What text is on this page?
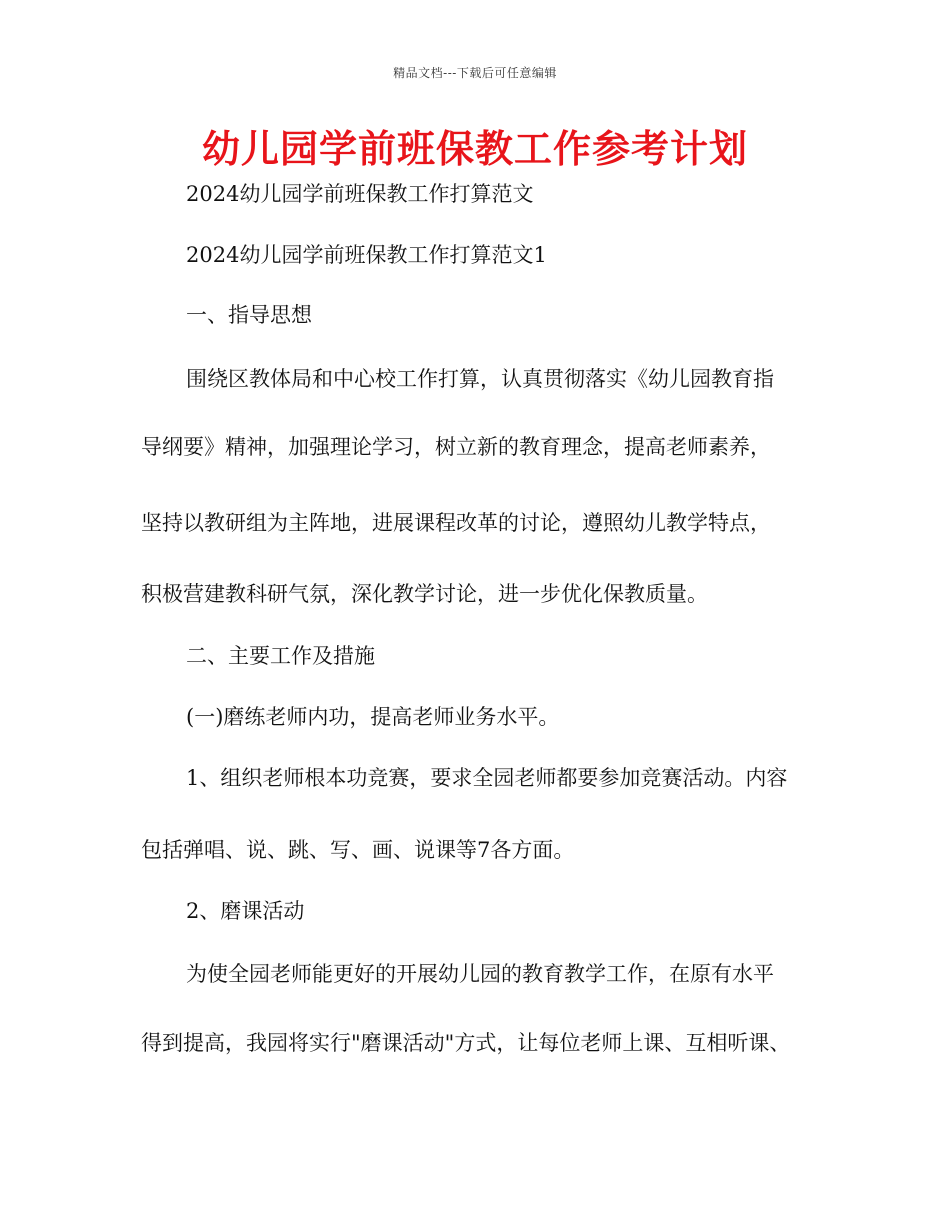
精品文档---下载后可任意编辑
幼儿园学前班保教工作参考计划

2024幼儿园学前班保教工作打算范文

2024幼儿园学前班保教工作打算范文1

一、指导思想

围绕区教体局和中心校工作打算，认真贯彻落实《幼儿园教育指

导纲要》精神，加强理论学习，树立新的教育理念，提高老师素养，

坚持以教研组为主阵地，进展课程改革的讨论，遵照幼儿教学特点，

积极营建教科研气氛，深化教学讨论，进一步优化保教质量。

二、主要工作及措施

(一)磨练老师内功，提高老师业务水平。

1、组织老师根本功竞赛，要求全园老师都要参加竞赛活动。内容

包括弹唱、说、跳、写、画、说课等7各方面。

2、磨课活动

为使全园老师能更好的开展幼儿园的教育教学工作，在原有水平

得到提高，我园将实行"磨课活动"方式，让每位老师上课、互相听课、
